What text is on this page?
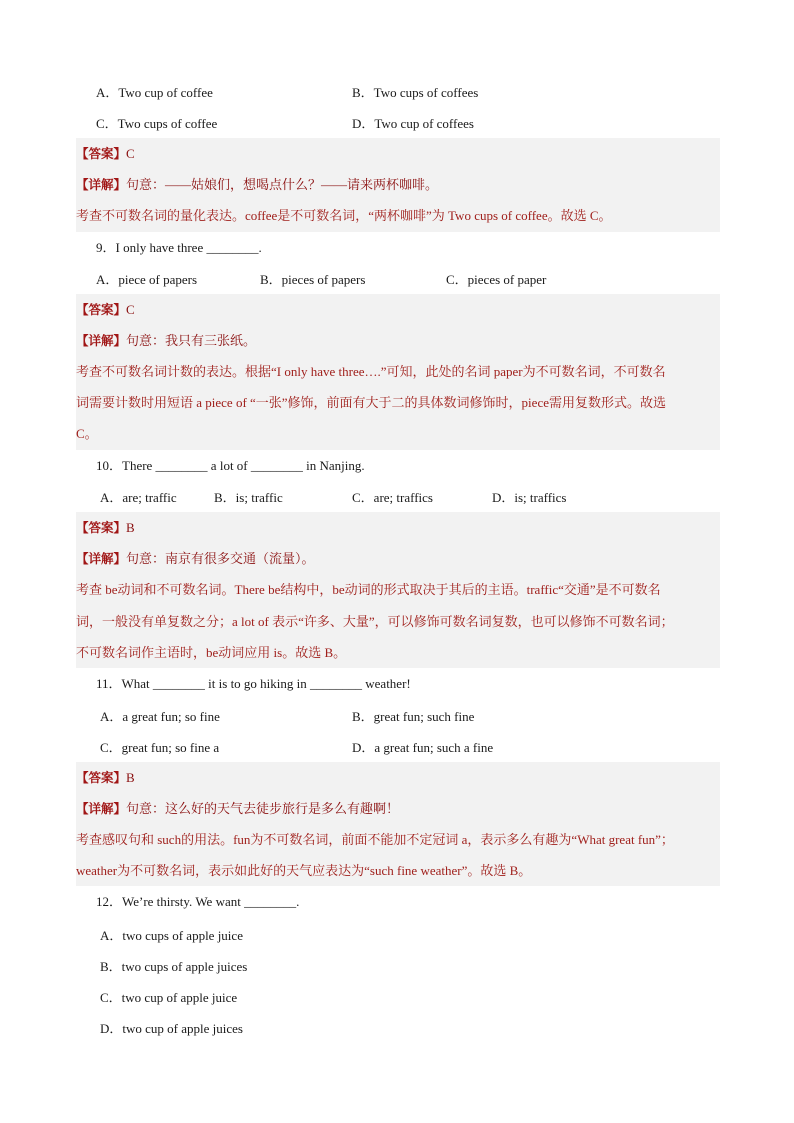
A．Two cup of coffee	B．Two cups of coffees
C．Two cups of coffee	D．Two cup of coffees
【答案】C
【详解】句意：——姑娘们，想喝点什么？——请来两杯咖啡。
考查不可数名词的量化表达。coffee是不可数名词，“两杯咖啡”为 Two cups of coffee。故选 C。
9．I only have three ________.
A．piece of papers	B．pieces of papers	C．pieces of paper
【答案】C
【详解】句意：我只有三张纸。
考查不可数名词计数的表达。根据“I only have three….”可知，此处的名词 paper为不可数名词，不可数名
词需要计数时用短语 a piece of “一张”修饰，前面有大于二的具体数词修饰时，piece需用复数形式。故选
C。
10．There ________ a lot of ________ in Nanjing.
A．are; traffic	B．is; traffic	C．are; traffics	D．is; traffics
【答案】B
【详解】句意：南京有很多交通（流量）。
考查 be动词和不可数名词。There be结构中，be动词的形式取决于其后的主语。traffic“交通”是不可数名
词，一般没有单复数之分；a lot of 表示“许多、大量”，可以修饰可数名词复数，也可以修饰不可数名词；
不可数名词作主语时，be动词应用 is。故选 B。
11．What ________ it is to go hiking in ________ weather!
A．a great fun; so fine	B．great fun; such fine
C．great fun; so fine a	D．a great fun; such a fine
【答案】B
【详解】句意：这么好的天气去徒步旅行是多么有趣啊！
考查感叹句和 such的用法。fun为不可数名词，前面不能加不定冠词 a，表示多么有趣为“What great fun”；
weather为不可数名词，表示如此好的天气应表达为“such fine weather”。故选 B。
12．We’re thirsty. We want ________.
A．two cups of apple juice
B．two cups of apple juices
C．two cup of apple juice
D．two cup of apple juices
